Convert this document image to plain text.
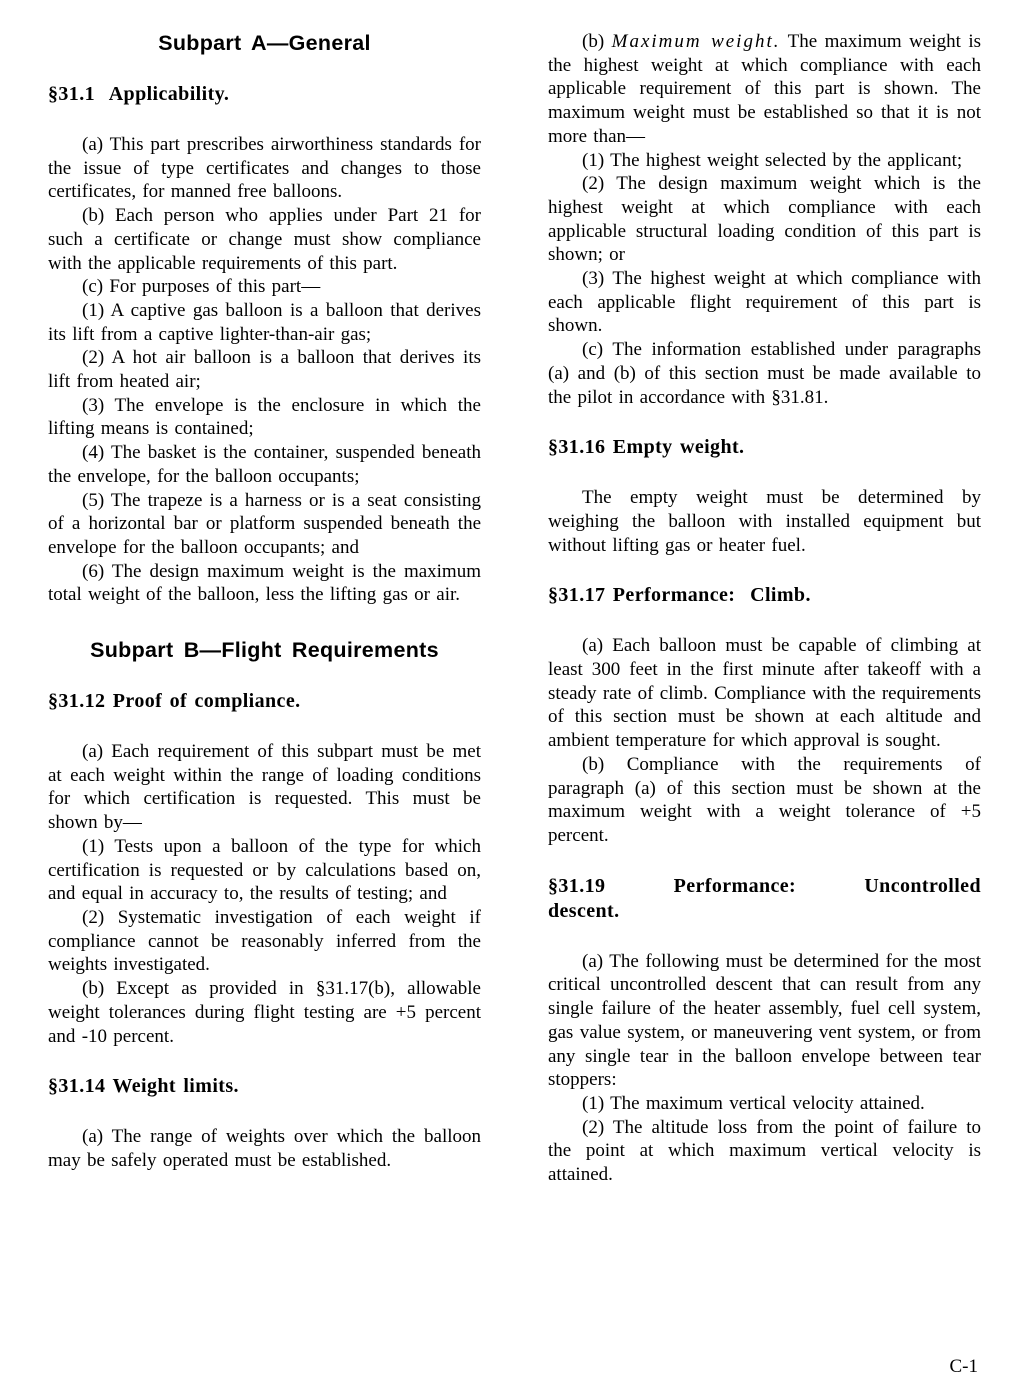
Subpart A—General
§31.1  Applicability.

(a) This part prescribes airworthiness standards for the issue of type certificates and changes to those certificates, for manned free balloons.

(b) Each person who applies under Part 21 for such a certificate or change must show compliance with the applicable requirements of this part.

(c) For purposes of this part—

(1) A captive gas balloon is a balloon that derives its lift from a captive lighter-than-air gas;

(2) A hot air balloon is a balloon that derives its lift from heated air;

(3) The envelope is the enclosure in which the lifting means is contained;

(4) The basket is the container, suspended beneath the envelope, for the balloon occupants;

(5) The trapeze is a harness or is a seat consisting of a horizontal bar or platform suspended beneath the envelope for the balloon occupants; and

(6) The design maximum weight is the maximum total weight of the balloon, less the lifting gas or air.

Subpart B—Flight Requirements
§31.12 Proof of compliance.

(a) Each requirement of this subpart must be met at each weight within the range of loading conditions for which certification is requested. This must be shown by—

(1) Tests upon a balloon of the type for which certification is requested or by calculations based on, and equal in accuracy to, the results of testing; and

(2) Systematic investigation of each weight if compliance cannot be reasonably inferred from the weights investigated.

(b) Except as provided in §31.17(b), allowable weight tolerances during flight testing are +5 percent and -10 percent.

§31.14 Weight limits.

(a) The range of weights over which the balloon may be safely operated must be established.

(b) Maximum weight. The maximum weight is the highest weight at which compliance with each applicable requirement of this part is shown. The maximum weight must be established so that it is not more than—

(1) The highest weight selected by the applicant;

(2) The design maximum weight which is the highest weight at which compliance with each applicable structural loading condition of this part is shown; or

(3) The highest weight at which compliance with each applicable flight requirement of this part is shown.

(c) The information established under paragraphs (a) and (b) of this section must be made available to the pilot in accordance with §31.81.

§31.16 Empty weight.

The empty weight must be determined by weighing the balloon with installed equipment but without lifting gas or heater fuel.

§31.17 Performance:  Climb.

(a) Each balloon must be capable of climbing at least 300 feet in the first minute after takeoff with a steady rate of climb. Compliance with the requirements of this section must be shown at each altitude and ambient temperature for which approval is sought.

(b) Compliance with the requirements of paragraph (a) of this section must be shown at the maximum weight with a weight tolerance of +5 percent.

§31.19 Performance: Uncontrolled
descent.

(a) The following must be determined for the most critical uncontrolled descent that can result from any single failure of the heater assembly, fuel cell system, gas value system, or maneuvering vent system, or from any single tear in the balloon envelope between tear stoppers:

(1) The maximum vertical velocity attained.

(2) The altitude loss from the point of failure to the point at which maximum vertical velocity is attained.

C-1
